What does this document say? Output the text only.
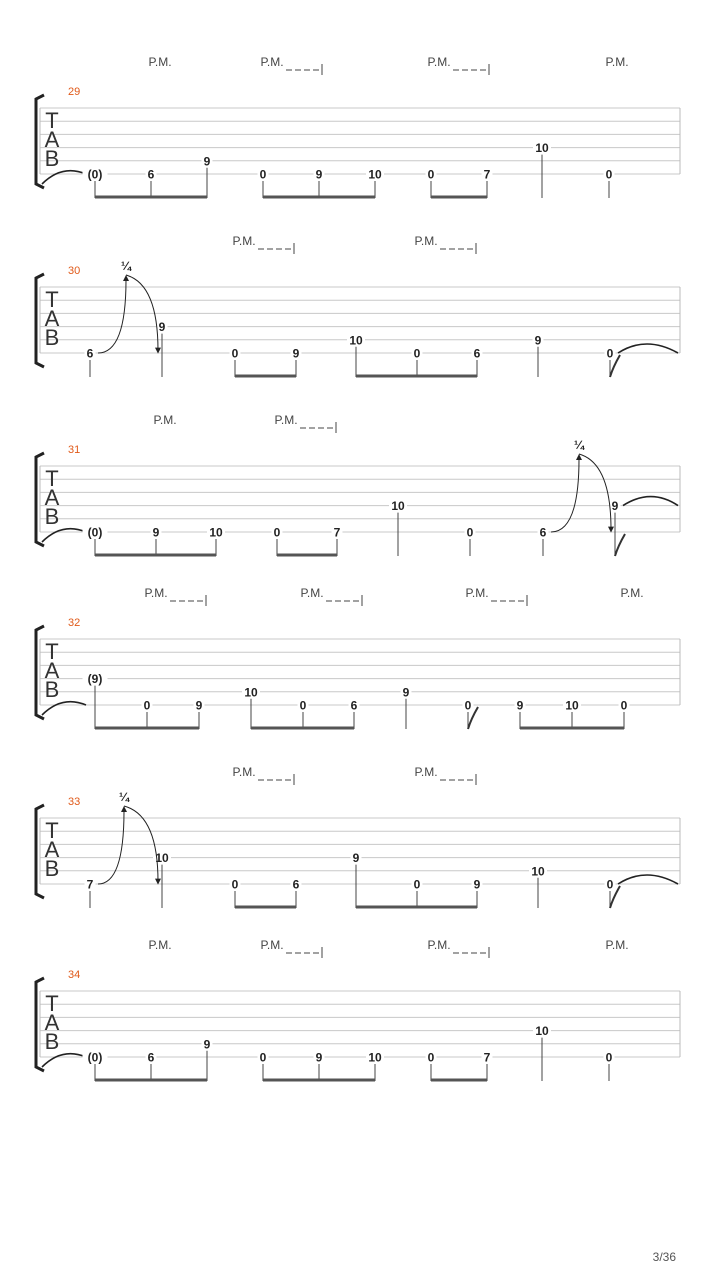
T
A
B
29
P.M.	P.M.	P.M.	P.M.
(0)	6
9
0	9	10	0	7
10
0
T
A
B
30
P.M.	P.M.
6
9
0	9
10
0	6
9
0
¼
T
A
B
31
P.M.	P.M.
(0)	9	10	0	7
10
0	6
9
¼
T
A
B
32
P.M.	P.M.	P.M.	P.M.
(9)
0	9
10
0	6
9
0	9	10	0
T
A
B
33
P.M.	P.M.
7
10
0	6
9
0	9
10
0
¼
T
A
B
34
P.M.	P.M.	P.M.	P.M.
(0)	6
9
0	9	10	0	7
10
0
3/36
